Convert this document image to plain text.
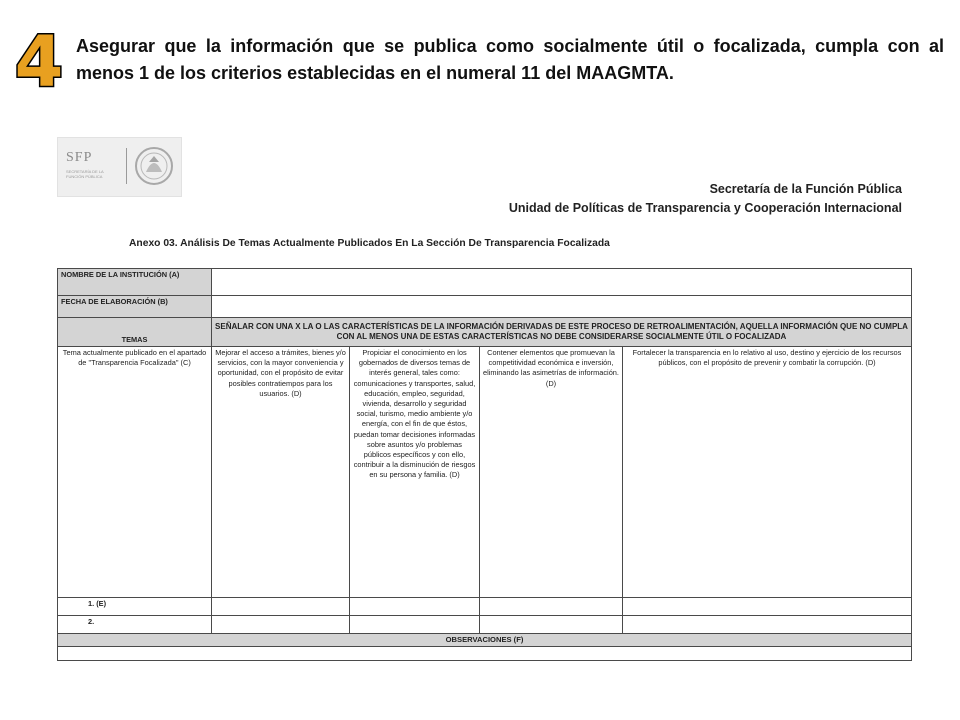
4 Asegurar que la información que se publica como socialmente útil o focalizada, cumpla con al menos 1 de los criterios establecidas en el numeral 11 del MAAGMTA.
SFP
SECRETARÍA DE LA FUNCIÓN PÚBLICA
Secretaría de la Función Pública
Unidad de Políticas de Transparencia y Cooperación Internacional
Anexo 03. Análisis De Temas Actualmente Publicados En La Sección De Transparencia Focalizada
NOMBRE DE LA INSTITUCIÓN (A)				
FECHA DE ELABORACIÓN (B)				
TEMAS	SEÑALAR CON UNA X LA O LAS CARACTERÍSTICAS DE LA INFORMACIÓN DERIVADAS DE ESTE PROCESO DE RETROALIMENTACIÓN, AQUELLA INFORMACIÓN QUE NO CUMPLA CON AL MENOS UNA DE ESTAS CARACTERÍSTICAS NO DEBE CONSIDERARSE SOCIALMENTE ÚTIL O FOCALIZADA			
Tema actualmente publicado en el apartado de "Transparencia Focalizada" (C)	Mejorar el acceso a trámites, bienes y/o servicios, con la mayor conveniencia y oportunidad, con el propósito de evitar posibles contratiempos para los usuarios. (D)	Propiciar el conocimiento en los gobernados de diversos temas de interés general, tales como: comunicaciones y transportes, salud, educación, empleo, seguridad, vivienda, desarrollo y seguridad social, turismo, medio ambiente y/o energía, con el fin de que éstos, puedan tomar decisiones informadas sobre asuntos y/o problemas públicos específicos y con ello, contribuir a la disminución de riesgos en su persona y familia. (D)	Contener elementos que promuevan la competitividad económica e inversión, eliminando las asimetrías de información. (D)	Fortalecer la transparencia en lo relativo al uso, destino y ejercicio de los recursos públicos, con el propósito de prevenir y combatir la corrupción. (D)
1. (E)				
2.				
OBSERVACIONES (F)				
